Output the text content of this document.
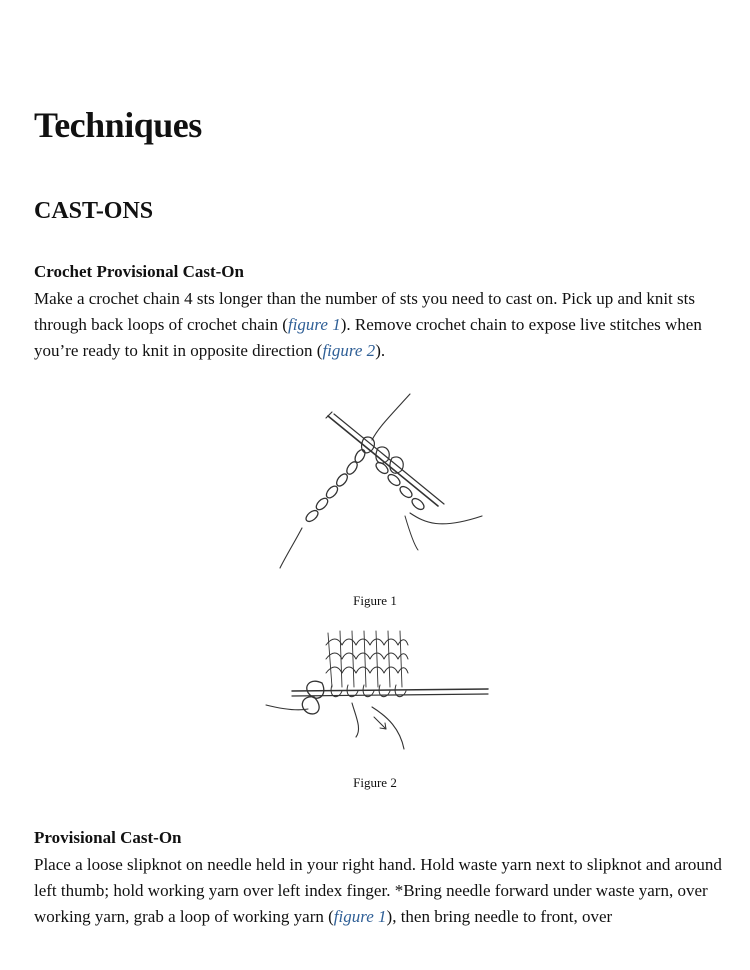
Techniques
CAST-ONS
Crochet Provisional Cast-On

Make a crochet chain 4 sts longer than the number of sts you need to cast on. Pick up and knit sts through back loops of crochet chain (figure 1). Remove crochet chain to expose live stitches when you’re ready to knit in opposite direction (figure 2).

Figure 1
Figure 2
Provisional Cast-On

Place a loose slipknot on needle held in your right hand. Hold waste yarn next to slipknot and around left thumb; hold working yarn over left index finger. *Bring needle forward under waste yarn, over working yarn, grab a loop of working yarn (figure 1), then bring needle to front, over
